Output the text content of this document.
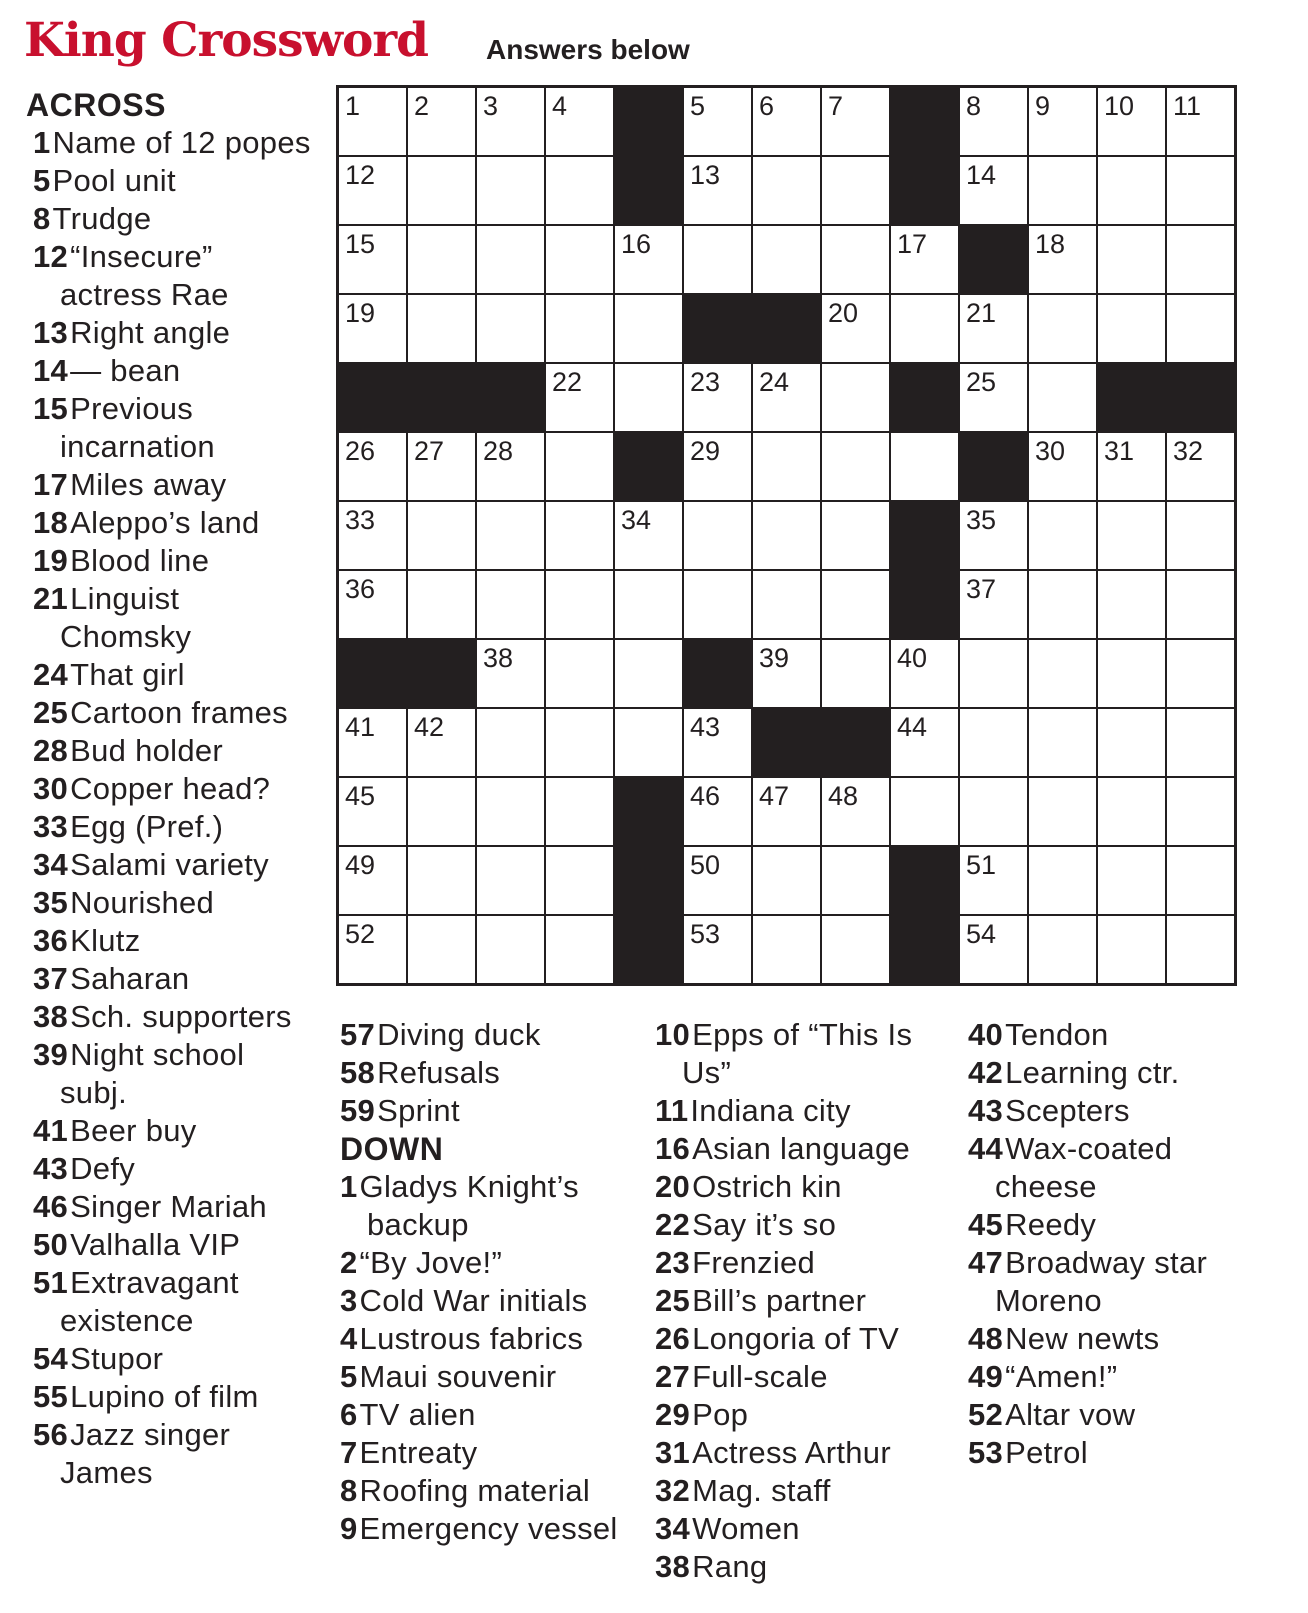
King Crossword Answers below
1 2 3 4	5 6 7	8 9 10 11
12	13	14
15	16	17	18
19	20	21
22	23 24	25
26 27 28	29	30 31 32
33	34	35
36	37
38	39	40
41 42	43	44
45	46 47 48
49	50	51
52	53	54
ACROSS
1Name of 12 popes
5Pool unit
8Trudge
12“Insecure” actress Rae
13Right angle
14— bean
15Previous incarnation
17Miles away
18Aleppo’s land
19Blood line
21Linguist Chomsky
24That girl
25Cartoon frames
28Bud holder
30Copper head?
33Egg (Pref.)
34Salami variety
35Nourished
36Klutz
37Saharan
38Sch. supporters
39Night school subj.
41Beer buy
43Defy
46Singer Mariah
50Valhalla VIP
51Extravagant existence
54Stupor
55Lupino of film
56Jazz singer James
57Diving duck
58Refusals
59Sprint
DOWN
1Gladys Knight’s backup
2“By Jove!”
3Cold War initials
4Lustrous fabrics
5Maui souvenir
6TV alien
7Entreaty
8Roofing material
9Emergency vessel
10Epps of “This Is Us”
11Indiana city
16Asian language
20Ostrich kin
22Say it’s so
23Frenzied
25Bill’s partner
26Longoria of TV
27Full-scale
29Pop
31Actress Arthur
32Mag. staff
34Women
38Rang
40Tendon
42Learning ctr.
43Scepters
44Wax-coated cheese
45Reedy
47Broadway star Moreno
48New newts
49“Amen!”
52Altar vow
53Petrol
